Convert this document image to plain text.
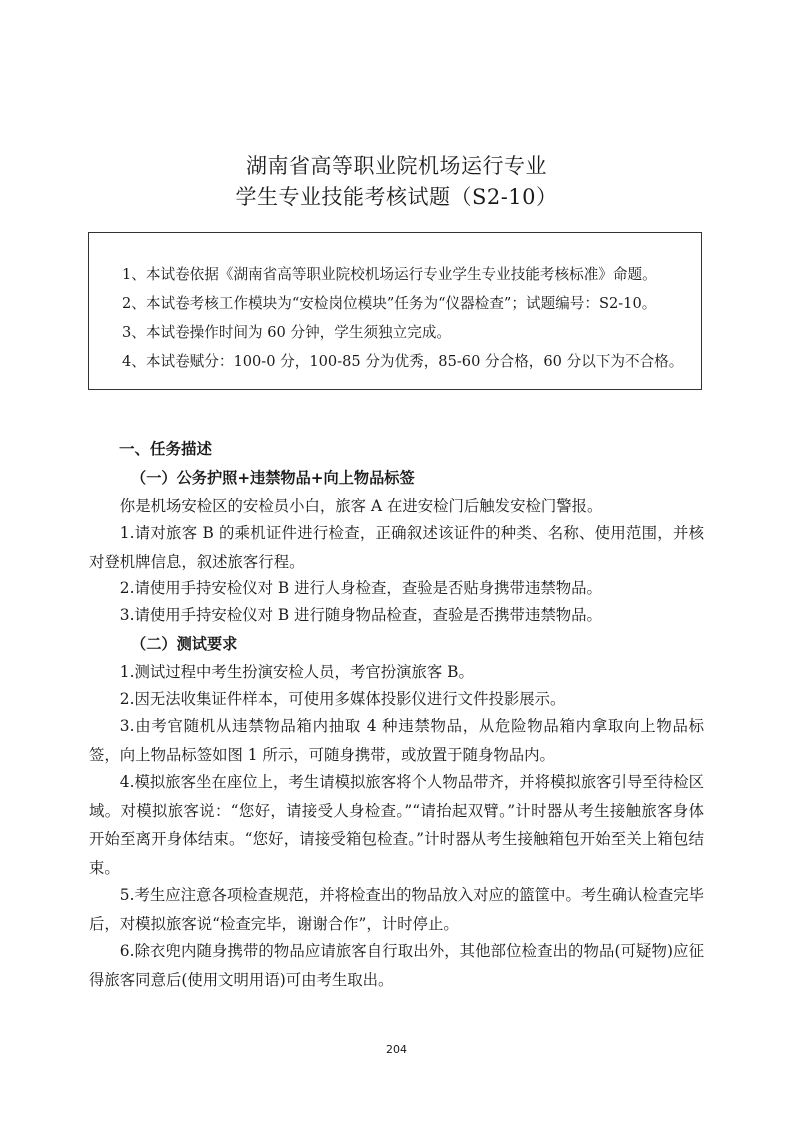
湖南省高等职业院机场运行专业
学生专业技能考核试题（S2-10）
1、本试卷依据《湖南省高等职业院校机场运行专业学生专业技能考核标准》命题。
2、本试卷考核工作模块为“安检岗位模块”任务为“仪器检查”；试题编号：S2-10。
3、本试卷操作时间为 60 分钟，学生须独立完成。
4、本试卷赋分：100-0 分，100-85 分为优秀，85-60 分合格，60 分以下为不合格。
一、任务描述
（一）公务护照+违禁物品+向上物品标签
你是机场安检区的安检员小白，旅客 A 在进安检门后触发安检门警报。
1.请对旅客 B 的乘机证件进行检查，正确叙述该证件的种类、名称、使用范围，并核对登机牌信息，叙述旅客行程。
2.请使用手持安检仪对 B 进行人身检查，查验是否贴身携带违禁物品。
3.请使用手持安检仪对 B 进行随身物品检查，查验是否携带违禁物品。
（二）测试要求
1.测试过程中考生扮演安检人员，考官扮演旅客 B。
2.因无法收集证件样本，可使用多媒体投影仪进行文件投影展示。
3.由考官随机从违禁物品箱内抽取 4 种违禁物品，从危险物品箱内拿取向上物品标签，向上物品标签如图 1 所示，可随身携带，或放置于随身物品内。
4.模拟旅客坐在座位上，考生请模拟旅客将个人物品带齐，并将模拟旅客引导至待检区域。对模拟旅客说：“您好，请接受人身检查。”“请抬起双臂。”计时器从考生接触旅客身体开始至离开身体结束。“您好，请接受箱包检查。”计时器从考生接触箱包开始至关上箱包结束。
5.考生应注意各项检查规范，并将检查出的物品放入对应的篮筐中。考生确认检查完毕后，对模拟旅客说“检查完毕，谢谢合作”，计时停止。
6.除衣兜内随身携带的物品应请旅客自行取出外，其他部位检查出的物品(可疑物)应征得旅客同意后(使用文明用语)可由考生取出。
204
